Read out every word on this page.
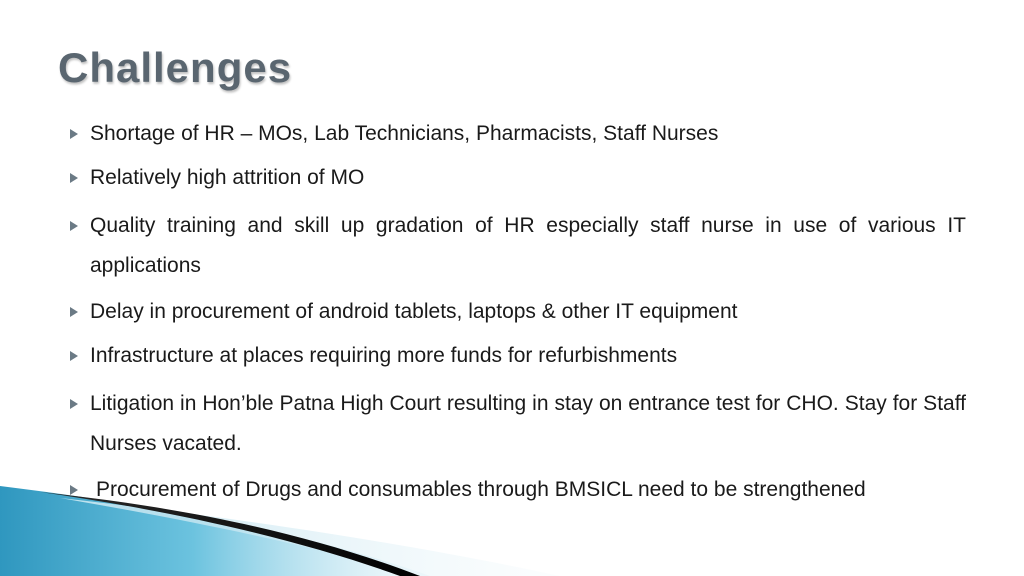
Challenges
Shortage of HR – MOs, Lab Technicians, Pharmacists, Staff Nurses
Relatively high attrition of MO
Quality training and skill up gradation of HR especially staff nurse in use of various IT applications
Delay in procurement of android tablets, laptops & other IT equipment
Infrastructure at places requiring more funds for refurbishments
Litigation in Hon’ble Patna High Court resulting in stay on entrance test for CHO. Stay for Staff Nurses vacated.
Procurement of Drugs and consumables through BMSICL need to be strengthened
